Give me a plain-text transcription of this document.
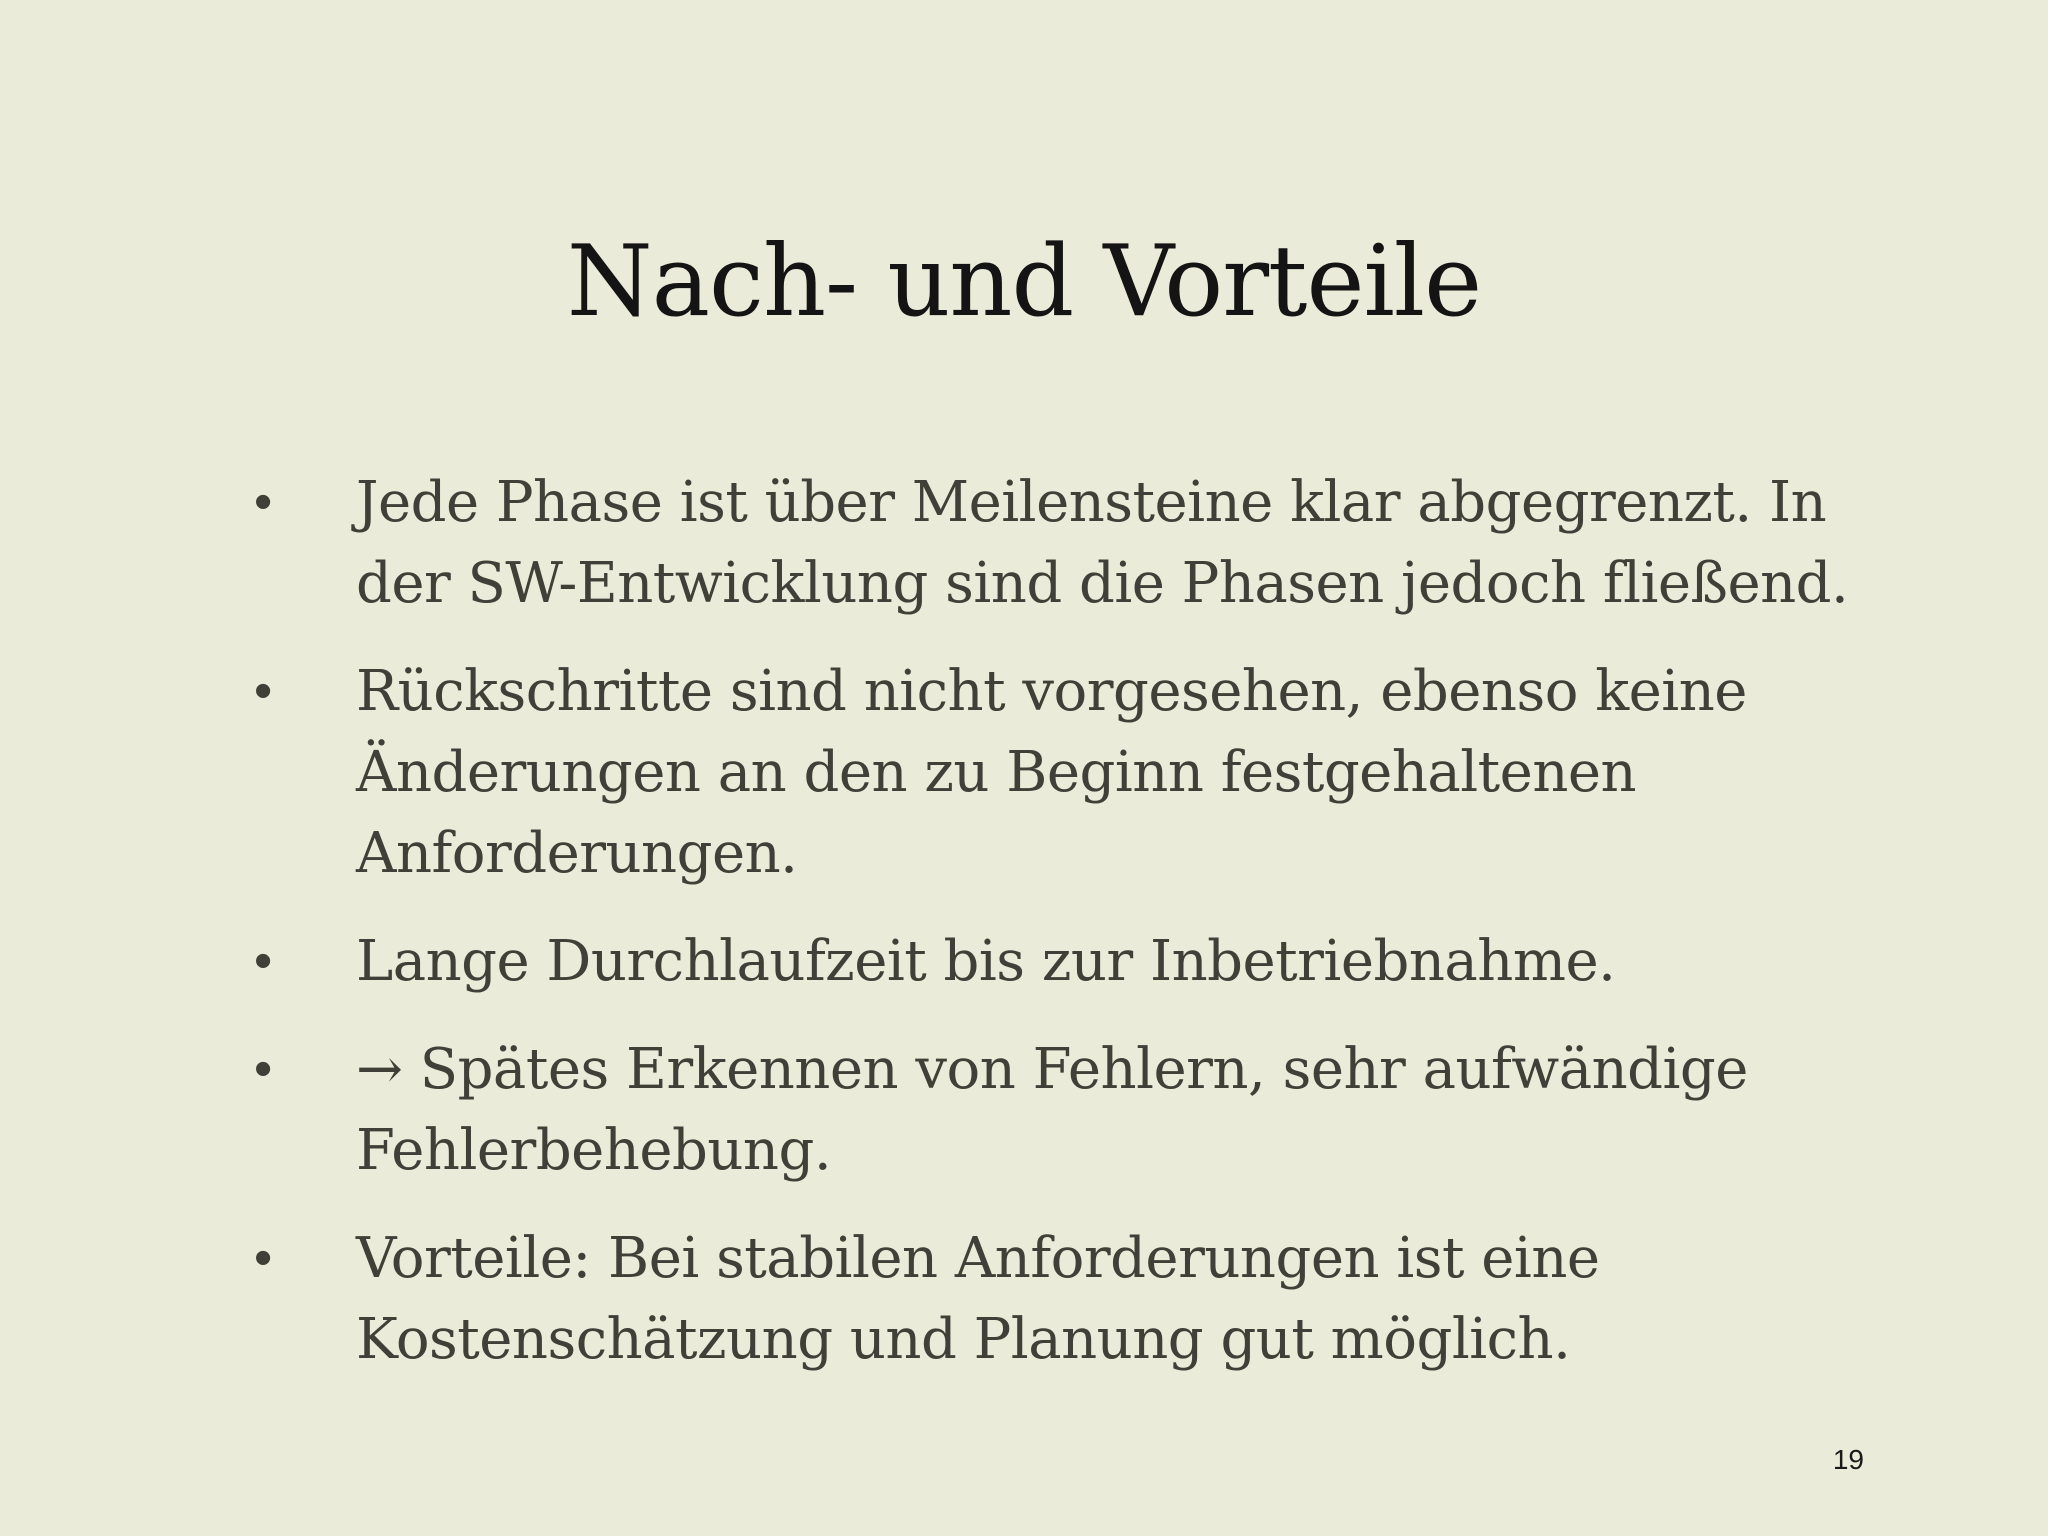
Nach- und Vorteile
• Jede Phase ist über Meilensteine klar abgegrenzt. In der SW-Entwicklung sind die Phasen jedoch fließend.
• Rückschritte sind nicht vorgesehen, ebenso keine Änderungen an den zu Beginn festgehaltenen Anforderungen.
• Lange Durchlaufzeit bis zur Inbetriebnahme.
• → Spätes Erkennen von Fehlern, sehr aufwändige Fehlerbehebung.
• Vorteile: Bei stabilen Anforderungen ist eine Kostenschätzung und Planung gut möglich.
19
